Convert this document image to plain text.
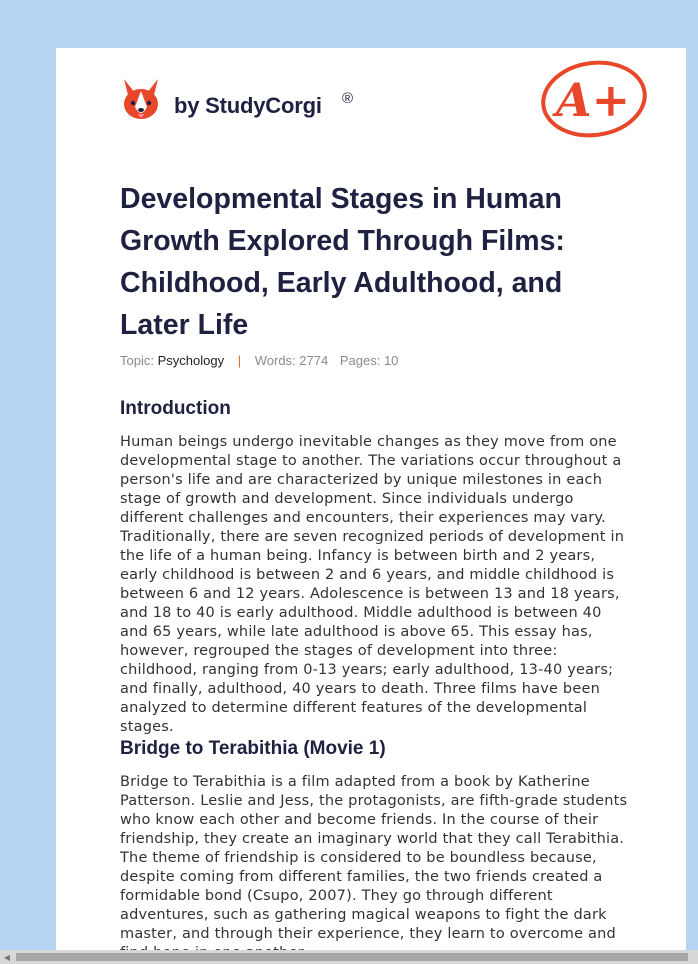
by StudyCorgi ®	A+
Developmental Stages in Human Growth Explored Through Films: Childhood, Early Adulthood, and Later Life
Topic: Psychology | Words: 2774 Pages: 10
Introduction

Human beings undergo inevitable changes as they move from one developmental stage to another. The variations occur throughout a person's life and are characterized by unique milestones in each stage of growth and development. Since individuals undergo different challenges and encounters, their experiences may vary. Traditionally, there are seven recognized periods of development in the life of a human being. Infancy is between birth and 2 years, early childhood is between 2 and 6 years, and middle childhood is between 6 and 12 years. Adolescence is between 13 and 18 years, and 18 to 40 is early adulthood. Middle adulthood is between 40 and 65 years, while late adulthood is above 65. This essay has, however, regrouped the stages of development into three: childhood, ranging from 0-13 years; early adulthood, 13-40 years; and finally, adulthood, 40 years to death. Three films have been analyzed to determine different features of the developmental stages.

Bridge to Terabithia (Movie 1)

Bridge to Terabithia is a film adapted from a book by Katherine Patterson. Leslie and Jess, the protagonists, are fifth-grade students who know each other and become friends. In the course of their friendship, they create an imaginary world that they call Terabithia. The theme of friendship is considered to be boundless because, despite coming from different families, the two friends created a formidable bond (Csupo, 2007). They go through different adventures, such as gathering magical weapons to fight the dark master, and through their experience, they learn to overcome and

◀
